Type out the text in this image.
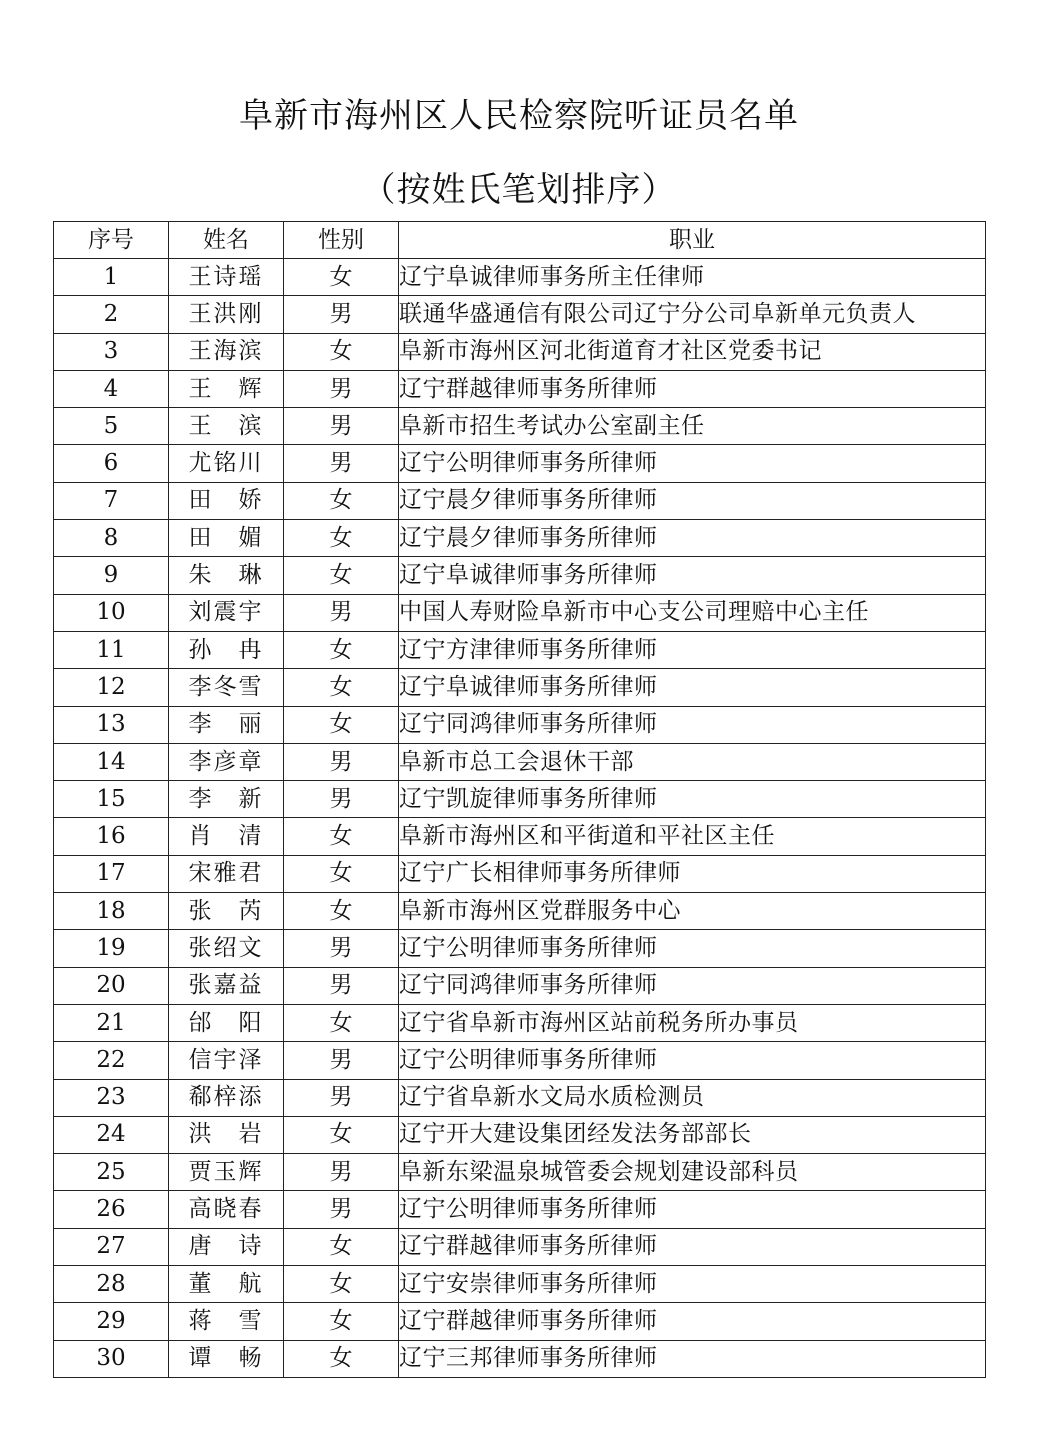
阜新市海州区人民检察院听证员名单
（按姓氏笔划排序）
序号	姓名	性别	职业
1	王诗瑶	女	辽宁阜诚律师事务所主任律师
2	王洪刚	男	联通华盛通信有限公司辽宁分公司阜新单元负责人
3	王海滨	女	阜新市海州区河北街道育才社区党委书记
4	王　辉	男	辽宁群越律师事务所律师
5	王　滨	男	阜新市招生考试办公室副主任
6	尤铭川	男	辽宁公明律师事务所律师
7	田　娇	女	辽宁晨夕律师事务所律师
8	田　媚	女	辽宁晨夕律师事务所律师
9	朱　琳	女	辽宁阜诚律师事务所律师
10	刘震宇	男	中国人寿财险阜新市中心支公司理赔中心主任
11	孙　冉	女	辽宁方津律师事务所律师
12	李冬雪	女	辽宁阜诚律师事务所律师
13	李　丽	女	辽宁同鸿律师事务所律师
14	李彦章	男	阜新市总工会退休干部
15	李　新	男	辽宁凯旋律师事务所律师
16	肖　清	女	阜新市海州区和平街道和平社区主任
17	宋雅君	女	辽宁广长相律师事务所律师
18	张　芮	女	阜新市海州区党群服务中心
19	张绍文	男	辽宁公明律师事务所律师
20	张嘉益	男	辽宁同鸿律师事务所律师
21	邰　阳	女	辽宁省阜新市海州区站前税务所办事员
22	信宇泽	男	辽宁公明律师事务所律师
23	郗梓添	男	辽宁省阜新水文局水质检测员
24	洪　岩	女	辽宁开大建设集团经发法务部部长
25	贾玉辉	男	阜新东梁温泉城管委会规划建设部科员
26	高晓春	男	辽宁公明律师事务所律师
27	唐　诗	女	辽宁群越律师事务所律师
28	董　航	女	辽宁安崇律师事务所律师
29	蒋　雪	女	辽宁群越律师事务所律师
30	谭　畅	女	辽宁三邦律师事务所律师
